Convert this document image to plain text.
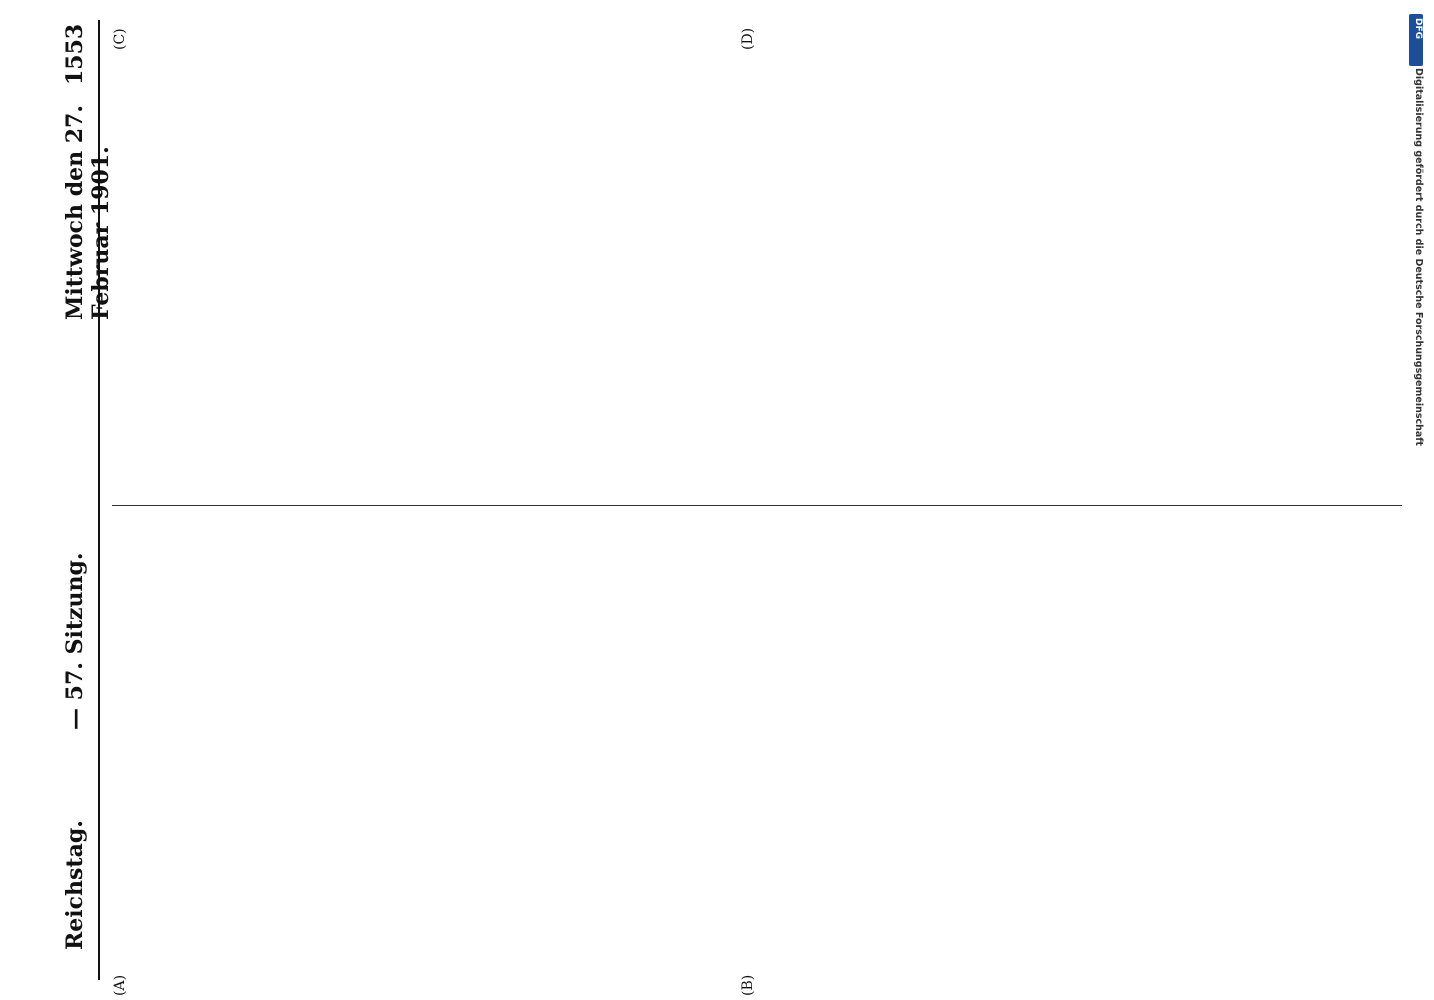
Reichstag.
— 57. Sitzung.
Mittwoch den 27. Februar 1901.
1553
(A)	(B)
(C)	(D)	DFG
Digitalisierung gefördert durch die Deutsche Forschungsgemeinschaft
